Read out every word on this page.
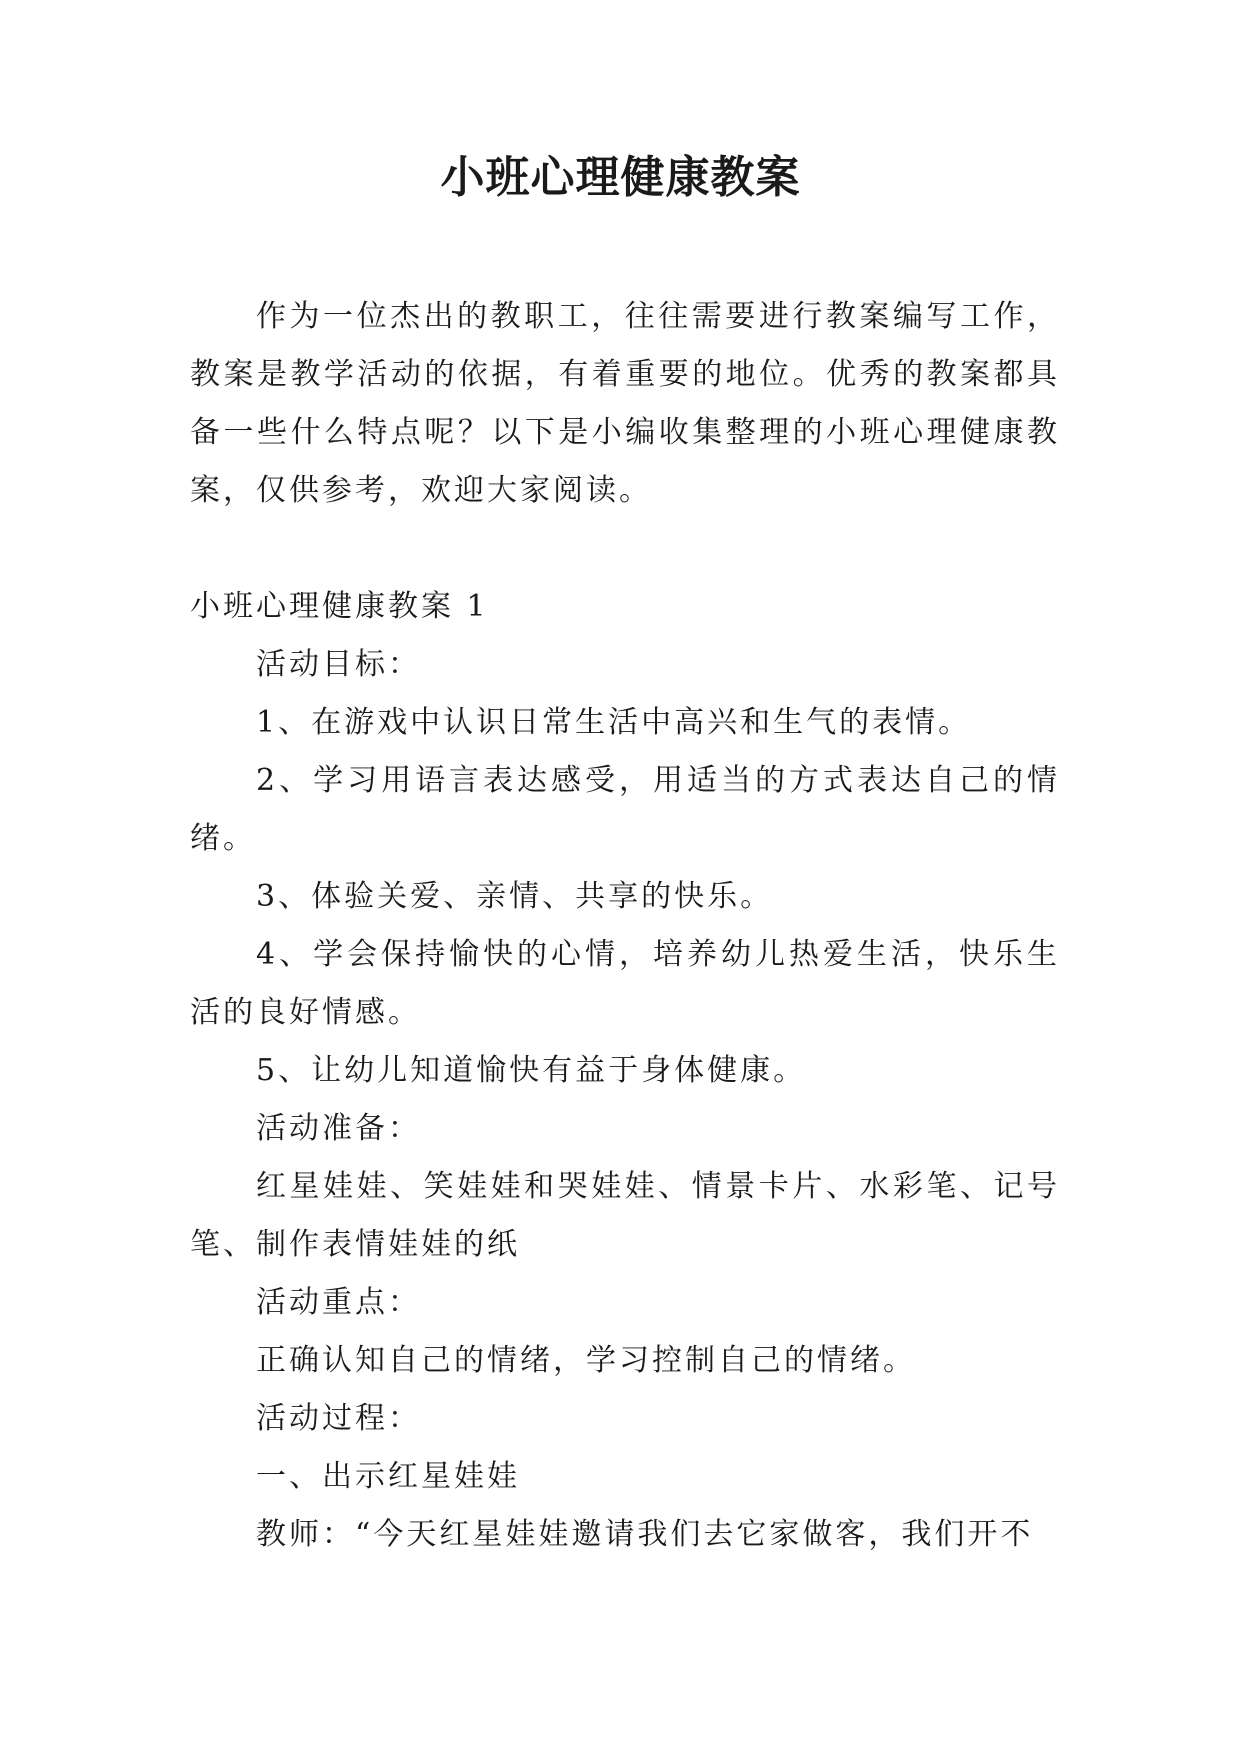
小班心理健康教案

作为一位杰出的教职工，往往需要进行教案编写工作，教案是教学活动的依据，有着重要的地位。优秀的教案都具备一些什么特点呢？以下是小编收集整理的小班心理健康教案，仅供参考，欢迎大家阅读。

小班心理健康教案 1

活动目标：

1、在游戏中认识日常生活中高兴和生气的表情。

2、学习用语言表达感受，用适当的方式表达自己的情绪。

3、体验关爱、亲情、共享的快乐。

4、学会保持愉快的心情，培养幼儿热爱生活，快乐生活的良好情感。

5、让幼儿知道愉快有益于身体健康。

活动准备：

红星娃娃、笑娃娃和哭娃娃、情景卡片、水彩笔、记号笔、制作表情娃娃的纸

活动重点：

正确认知自己的情绪，学习控制自己的情绪。

活动过程：

一、出示红星娃娃

教师：“今天红星娃娃邀请我们去它家做客，我们开不
